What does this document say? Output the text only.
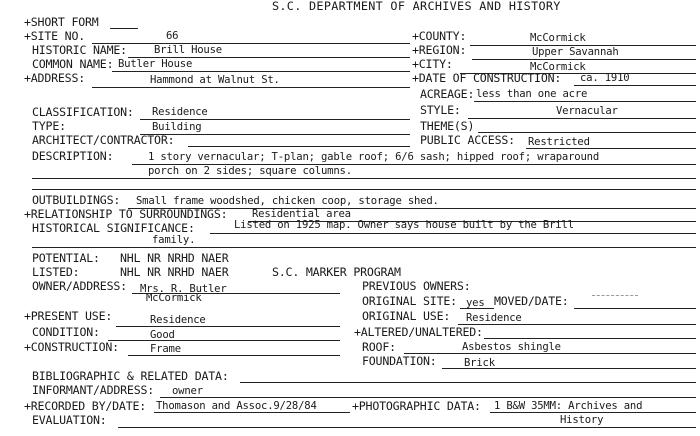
S.C. DEPARTMENT OF ARCHIVES AND HISTORY
+SHORT FORM
+SITE NO.	66	+COUNTY:	McCormick
HISTORIC NAME:	Brill House	+REGION:	Upper Savannah
COMMON NAME: Butler House	+CITY:	McCormick
+ADDRESS:	Hammond at Walnut St.	+DATE OF CONSTRUCTION: ca. 1910
ACREAGE: less than one acre
CLASSIFICATION: Residence	STYLE:	Vernacular
TYPE:	Building	THEME(S)
ARCHITECT/CONTRACTOR:	PUBLIC ACCESS: Restricted
DESCRIPTION:	1 story vernacular; T-plan; gable roof; 6/6 sash; hipped roof; wraparound
porch on 2 sides; square columns.
OUTBUILDINGS: Small frame woodshed, chicken coop, storage shed.
+RELATIONSHIP TO SURROUNDINGS: Residential area
HISTORICAL SIGNIFICANCE:	Listed on 1925 map. Owner says house built by the Brill
family.
POTENTIAL: NHL NR NRHD NAER
LISTED:	NHL NR NRHD NAER	S.C. MARKER PROGRAM
OWNER/ADDRESS: Mrs. R. Butler
McCormick
PREVIOUS OWNERS:
ORIGINAL SITE: yes MOVED/DATE:
+PRESENT USE:	Residence	ORIGINAL USE: Residence
CONDITION:	Good	+ALTERED/UNALTERED:
+CONSTRUCTION:	Frame	ROOF:	Asbestos shingle
FOUNDATION:	Brick
BIBLIOGRAPHIC & RELATED DATA:
INFORMANT/ADDRESS: owner
+RECORDED BY/DATE: Thomason and Assoc.9/28/84	+PHOTOGRAPHIC DATA: 1 B&W 35MM: Archives and
EVALUATION:	History
